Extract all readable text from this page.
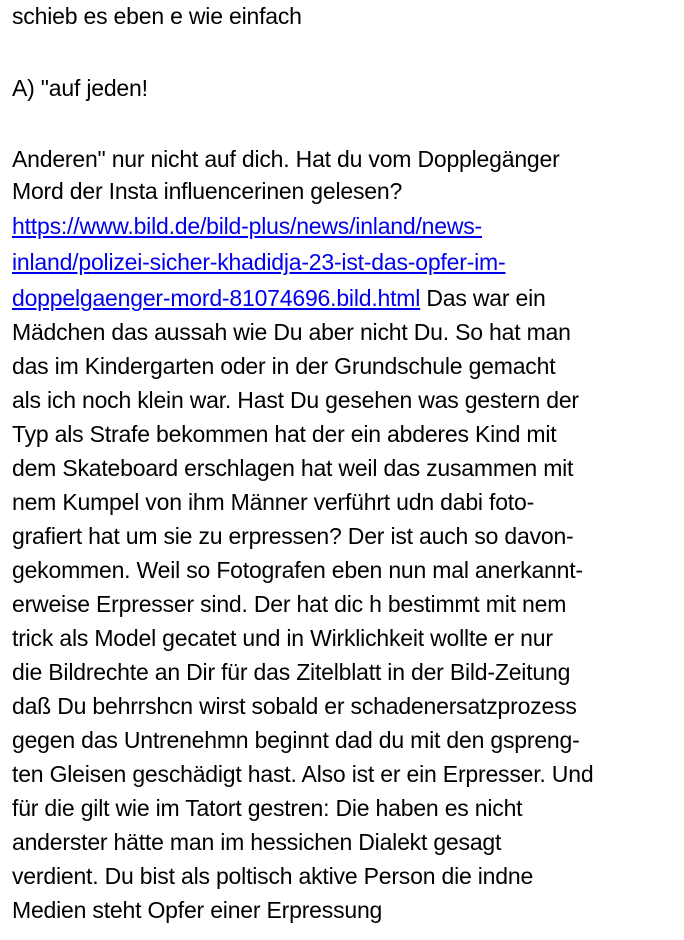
schieb es eben e wie einfach
A) "auf jeden!
Anderen" nur nicht auf dich. Hat du vom Dopplegänger
Mord der Insta influencerinen gelesen?
https://www.bild.de/bild-plus/news/inland/news-
inland/polizei-sicher-khadidja-23-ist-das-opfer-im-
doppelgaenger-mord-81074696.bild.html Das war ein
Mädchen das aussah wie Du aber nicht Du. So hat man
das im Kindergarten oder in der Grundschule gemacht
als ich noch klein war. Hast Du gesehen was gestern der
Typ als Strafe bekommen hat der ein abderes Kind mit
dem Skateboard erschlagen hat weil das zusammen mit
nem Kumpel von ihm Männer verführt udn dabi foto-
grafiert hat um sie zu erpressen? Der ist auch so davon-
gekommen. Weil so Fotografen eben nun mal anerkannt-
erweise Erpresser sind. Der hat dic h bestimmt mit nem
trick als Model gecatet und in Wirklichkeit wollte er nur
die Bildrechte an Dir für das Zitelblatt in der Bild-Zeitung
daß Du behrrshcn wirst sobald er schadenersatzprozess
gegen das Untrenehmn beginnt dad du mit den gspreng-
ten Gleisen geschädigt hast. Also ist er ein Erpresser. Und
für die gilt wie im Tatort gestren: Die haben es nicht
anderster hätte man im hessichen Dialekt gesagt
verdient. Du bist als poltisch aktive Person die indne
Medien steht Opfer einer Erpressung
